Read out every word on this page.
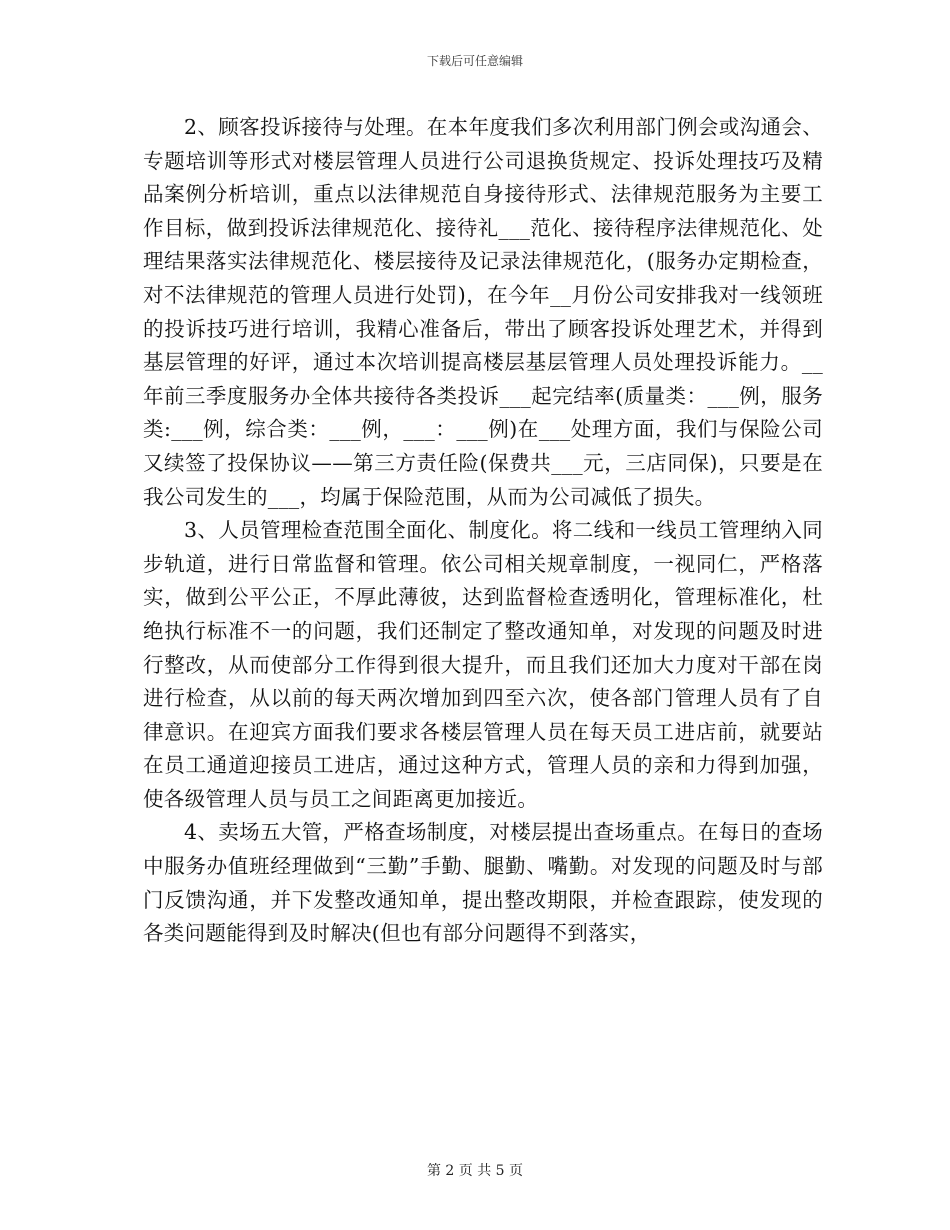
下载后可任意编辑

2、顾客投诉接待与处理。在本年度我们多次利用部门例会或沟通会、专题培训等形式对楼层管理人员进行公司退换货规定、投诉处理技巧及精品案例分析培训，重点以法律规范自身接待形式、法律规范服务为主要工作目标，做到投诉法律规范化、接待礼___范化、接待程序法律规范化、处理结果落实法律规范化、楼层接待及记录法律规范化，(服务办定期检查，对不法律规范的管理人员进行处罚)，在今年__月份公司安排我对一线领班的投诉技巧进行培训，我精心准备后，带出了顾客投诉处理艺术，并得到基层管理的好评，通过本次培训提高楼层基层管理人员处理投诉能力。__年前三季度服务办全体共接待各类投诉___起完结率(质量类：___例，服务类:___例，综合类：___例，___：___例)在___处理方面，我们与保险公司又续签了投保协议——第三方责任险(保费共___元，三店同保)，只要是在我公司发生的___，均属于保险范围，从而为公司减低了损失。

3、人员管理检查范围全面化、制度化。将二线和一线员工管理纳入同步轨道，进行日常监督和管理。依公司相关规章制度，一视同仁，严格落实，做到公平公正，不厚此薄彼，达到监督检查透明化，管理标准化，杜绝执行标准不一的问题，我们还制定了整改通知单，对发现的问题及时进行整改，从而使部分工作得到很大提升，而且我们还加大力度对干部在岗进行检查，从以前的每天两次增加到四至六次，使各部门管理人员有了自律意识。在迎宾方面我们要求各楼层管理人员在每天员工进店前，就要站在员工通道迎接员工进店，通过这种方式，管理人员的亲和力得到加强，使各级管理人员与员工之间距离更加接近。

4、卖场五大管，严格查场制度，对楼层提出查场重点。在每日的查场中服务办值班经理做到“三勤”手勤、腿勤、嘴勤。对发现的问题及时与部门反馈沟通，并下发整改通知单，提出整改期限，并检查跟踪，使发现的各类问题能得到及时解决(但也有部分问题得不到落实，

第 2 页 共 5 页
